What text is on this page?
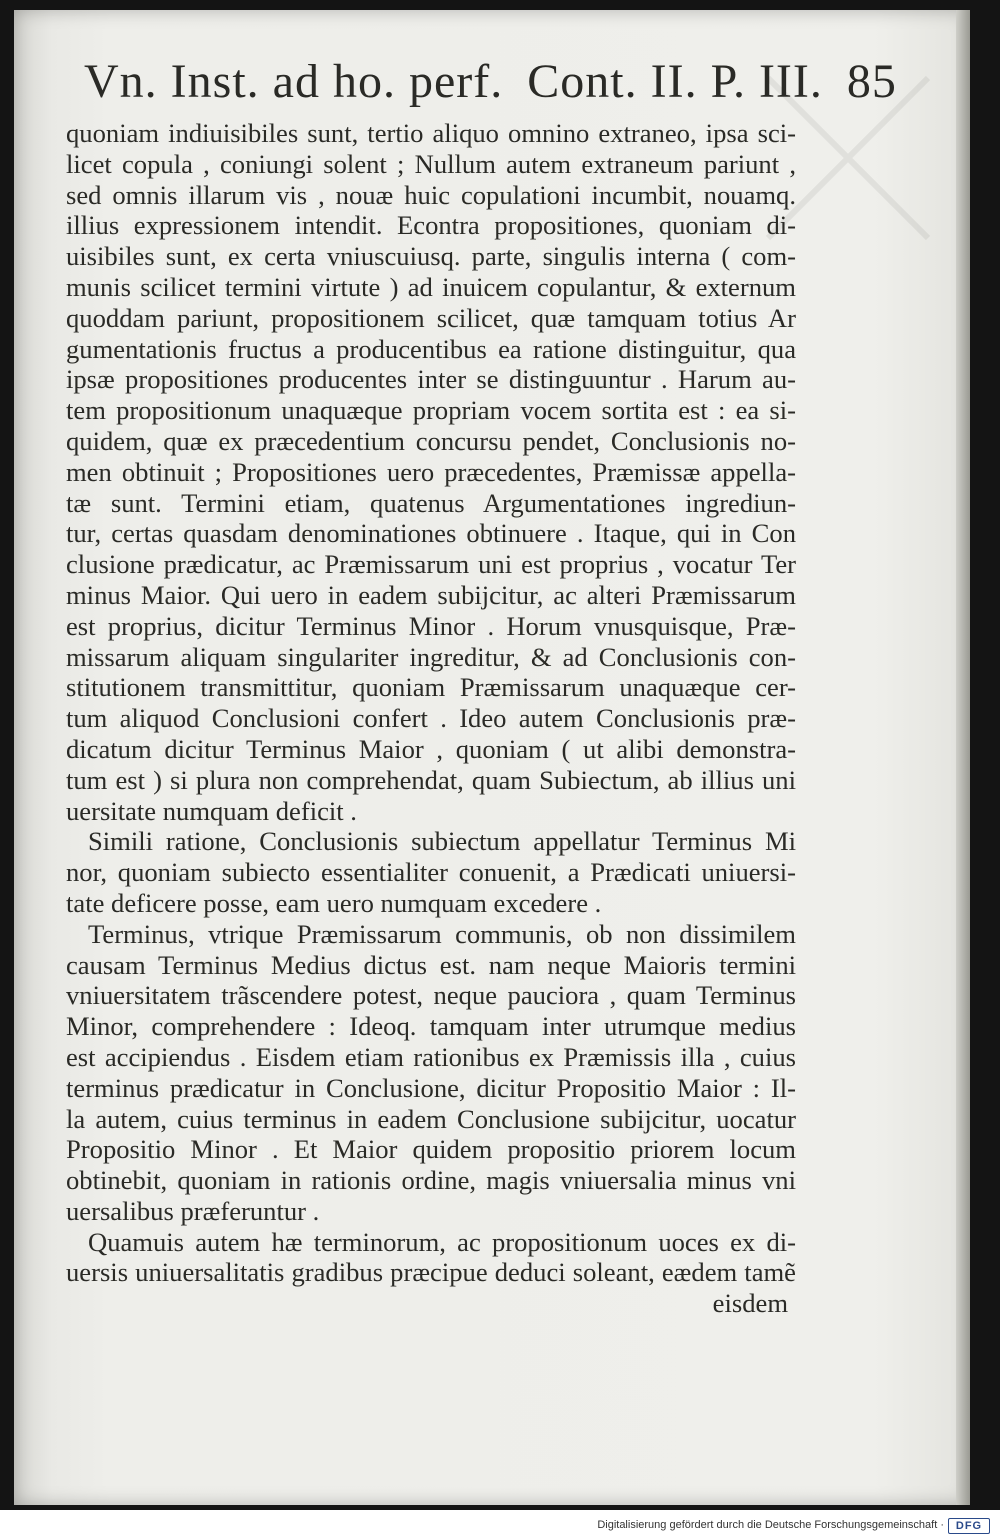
Vn. Inst. ad ho. perf. Cont. II. P. III. 85
quoniam indiuisibiles sunt, tertio aliquo omnino extraneo, ipsa sci-
licet copula , coniungi solent ; Nullum autem extraneum pariunt ,
sed omnis illarum vis , nouæ huic copulationi incumbit, nouamq.
illius expressionem intendit. Econtra propositiones, quoniam di-
uisibiles sunt, ex certa vniuscuiusq. parte, singulis interna ( com-
munis scilicet termini virtute ) ad inuicem copulantur, & externum
quoddam pariunt, propositionem scilicet, quæ tamquam totius Ar
gumentationis fructus a producentibus ea ratione distinguitur, qua
ipsæ propositiones producentes inter se distinguuntur . Harum au-
tem propositionum unaquæque propriam vocem sortita est : ea si-
quidem, quæ ex præcedentium concursu pendet, Conclusionis no-
men obtinuit ; Propositiones uero præcedentes, Præmissæ appella-
tæ sunt. Termini etiam, quatenus Argumentationes ingrediun-
tur, certas quasdam denominationes obtinuere . Itaque, qui in Con
clusione prædicatur, ac Præmissarum uni est proprius , vocatur Ter
minus Maior. Qui uero in eadem subijcitur, ac alteri Præmissarum
est proprius, dicitur Terminus Minor . Horum vnusquisque, Præ-
missarum aliquam singulariter ingreditur, & ad Conclusionis con-
stitutionem transmittitur, quoniam Præmissarum unaquæque cer-
tum aliquod Conclusioni confert . Ideo autem Conclusionis præ-
dicatum dicitur Terminus Maior , quoniam ( ut alibi demonstra-
tum est ) si plura non comprehendat, quam Subiectum, ab illius uni
uersitate numquam deficit .
Simili ratione, Conclusionis subiectum appellatur Terminus Mi
nor, quoniam subiecto essentialiter conuenit, a Prædicati uniuersi-
tate deficere posse, eam uero numquam excedere .
Terminus, vtrique Præmissarum communis, ob non dissimilem
causam Terminus Medius dictus est. nam neque Maioris termini
vniuersitatem trãscendere potest, neque pauciora , quam Terminus
Minor, comprehendere : Ideoq. tamquam inter utrumque medius
est accipiendus . Eisdem etiam rationibus ex Præmissis illa , cuius
terminus prædicatur in Conclusione, dicitur Propositio Maior : Il-
la autem, cuius terminus in eadem Conclusione subijcitur, uocatur
Propositio Minor . Et Maior quidem propositio priorem locum
obtinebit, quoniam in rationis ordine, magis vniuersalia minus vni
uersalibus præferuntur .
Quamuis autem hæ terminorum, ac propositionum uoces ex di-
uersis uniuersalitatis gradibus præcipue deduci soleant, eædem tamẽ
eisdem
Digitalisierung gefördert durch die Deutsche Forschungsgemeinschaft ·	DFG
